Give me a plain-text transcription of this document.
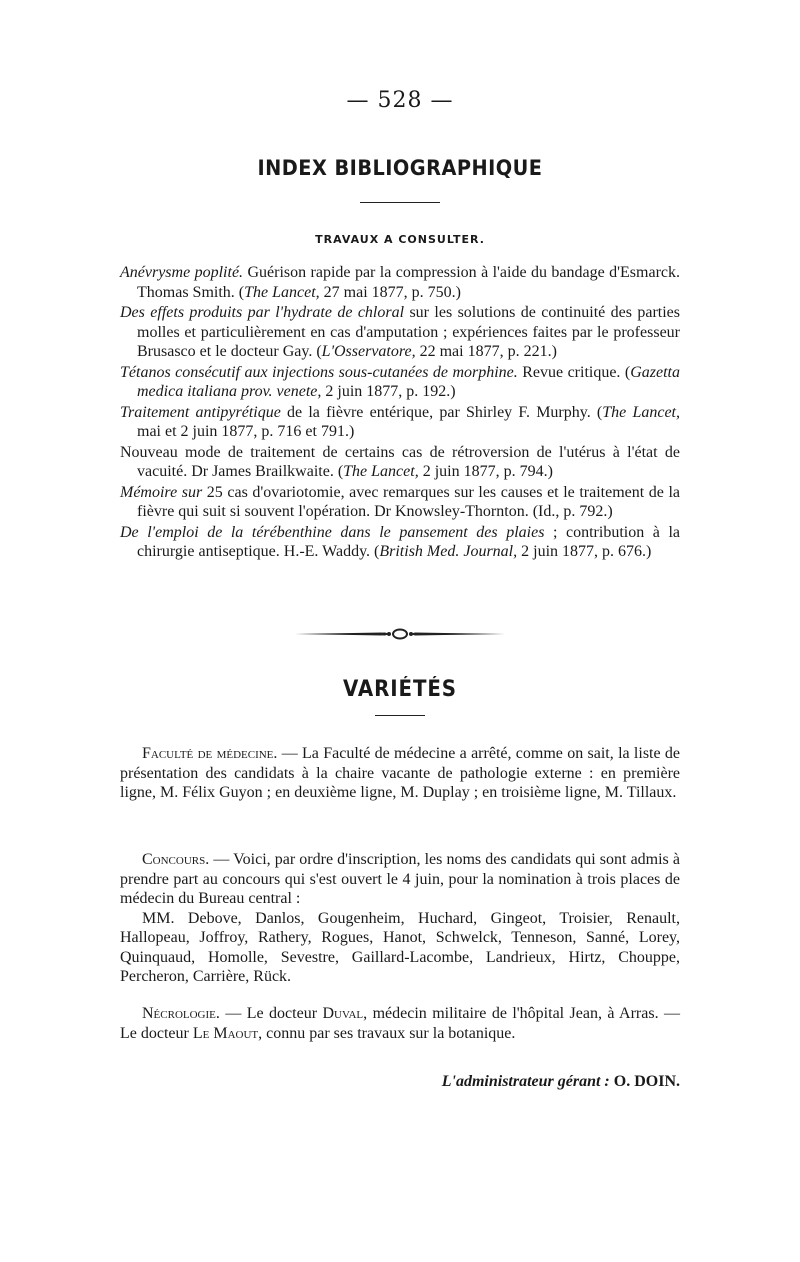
— 528 —
INDEX BIBLIOGRAPHIQUE
TRAVAUX A CONSULTER.

Anévrysme poplité. Guérison rapide par la compression à l'aide du bandage d'Esmarck. Thomas Smith. (The Lancet, 27 mai 1877, p. 750.)

Des effets produits par l'hydrate de chloral sur les solutions de continuité des parties molles et particulièrement en cas d'amputation ; expériences faites par le professeur Brusasco et le docteur Gay. (L'Osservatore, 22 mai 1877, p. 221.)

Tétanos consécutif aux injections sous-cutanées de morphine. Revue critique. (Gazetta medica italiana prov. venete, 2 juin 1877, p. 192.)

Traitement antipyrétique de la fièvre entérique, par Shirley F. Murphy. (The Lancet, mai et 2 juin 1877, p. 716 et 791.)

Nouveau mode de traitement de certains cas de rétroversion de l'utérus à l'état de vacuité. Dr James Brailkwaite. (The Lancet, 2 juin 1877, p. 794.)

Mémoire sur 25 cas d'ovariotomie, avec remarques sur les causes et le traitement de la fièvre qui suit si souvent l'opération. Dr Knowsley-Thornton. (Id., p. 792.)

De l'emploi de la térébenthine dans le pansement des plaies ; contribution à la chirurgie antiseptique. H.-E. Waddy. (British Med. Journal, 2 juin 1877, p. 676.)

VARIÉTÉS

Faculté de médecine. — La Faculté de médecine a arrêté, comme on sait, la liste de présentation des candidats à la chaire vacante de pathologie externe : en première ligne, M. Félix Guyon ; en deuxième ligne, M. Duplay ; en troisième ligne, M. Tillaux.

Concours. — Voici, par ordre d'inscription, les noms des candidats qui sont admis à prendre part au concours qui s'est ouvert le 4 juin, pour la nomination à trois places de médecin du Bureau central :

MM. Debove, Danlos, Gougenheim, Huchard, Gingeot, Troisier, Renault, Hallopeau, Joffroy, Rathery, Rogues, Hanot, Schwelck, Tenneson, Sanné, Lorey, Quinquaud, Homolle, Sevestre, Gaillard-Lacombe, Landrieux, Hirtz, Chouppe, Percheron, Carrière, Rück.

Nécrologie. — Le docteur Duval, médecin militaire de l'hôpital Jean, à Arras. — Le docteur Le Maout, connu par ses travaux sur la botanique.

L'administrateur gérant : O. DOIN.
